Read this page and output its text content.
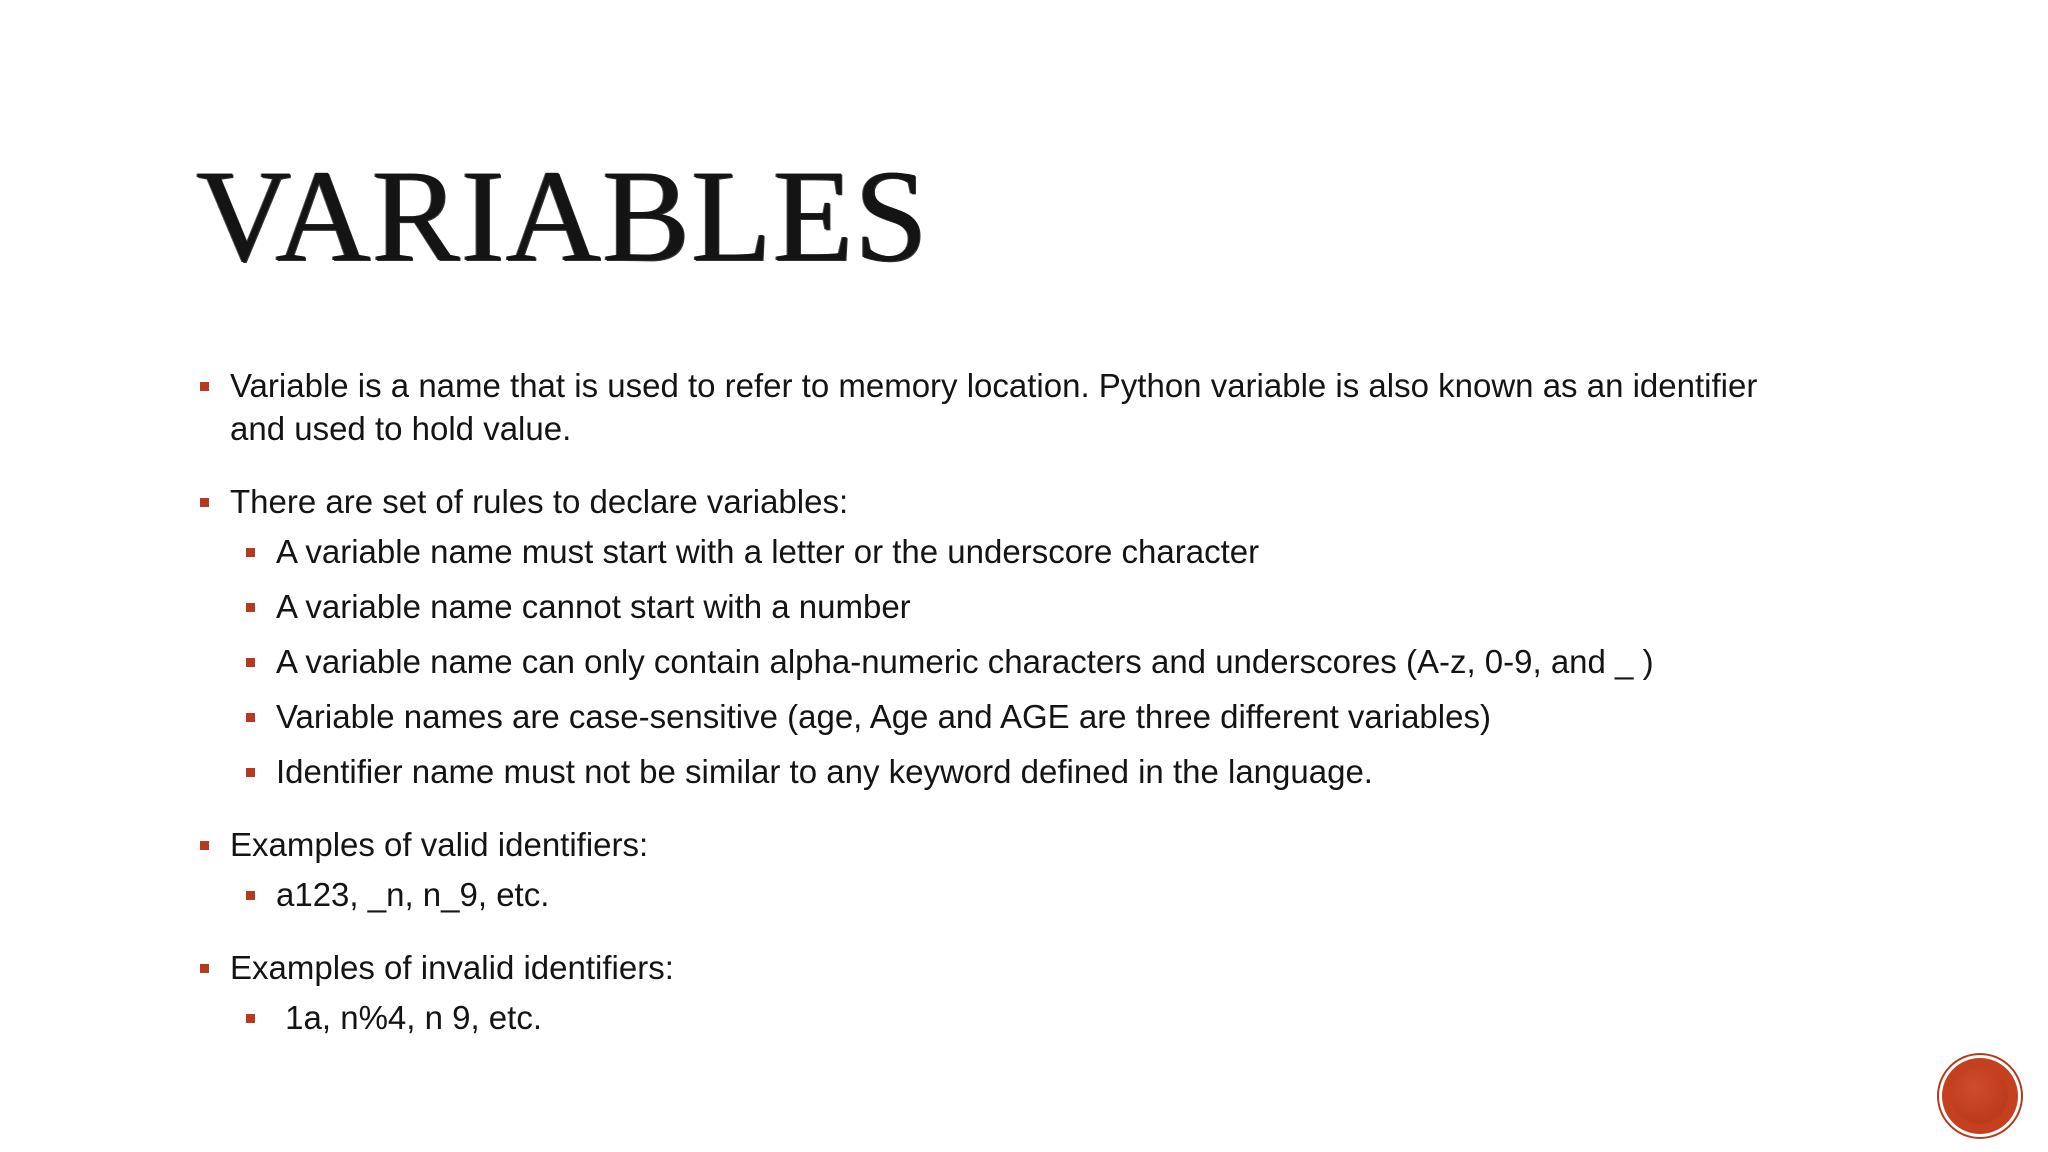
VARIABLES
Variable is a name that is used to refer to memory location. Python variable is also known as an identifier and used to hold value.
There are set of rules to declare variables:
A variable name must start with a letter or the underscore character
A variable name cannot start with a number
A variable name can only contain alpha-numeric characters and underscores (A-z, 0-9, and _ )
Variable names are case-sensitive (age, Age and AGE are three different variables)
Identifier name must not be similar to any keyword defined in the language.
Examples of valid identifiers:
a123, _n, n_9, etc.
Examples of invalid identifiers:
1a, n%4, n 9, etc.
